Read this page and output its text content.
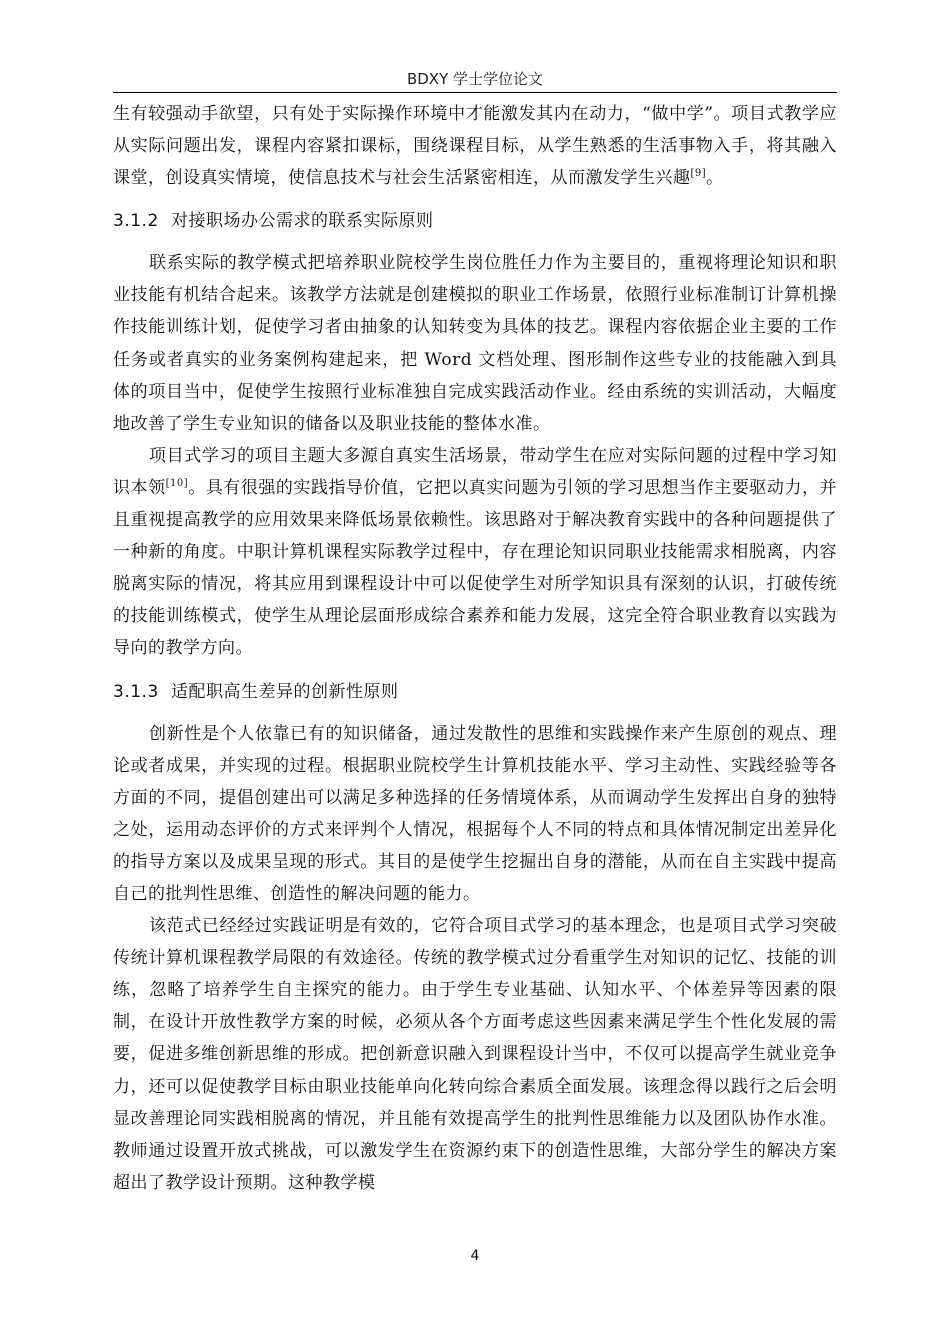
BDXY 学士学位论文

生有较强动手欲望，只有处于实际操作环境中才能激发其内在动力，“做中学”。项目式教学应从实际问题出发，课程内容紧扣课标，围绕课程目标，从学生熟悉的生活事物入手，将其融入课堂，创设真实情境，使信息技术与社会生活紧密相连，从而激发学生兴趣[9]。

3.1.2 对接职场办公需求的联系实际原则

联系实际的教学模式把培养职业院校学生岗位胜任力作为主要目的，重视将理论知识和职业技能有机结合起来。该教学方法就是创建模拟的职业工作场景，依照行业标准制订计算机操作技能训练计划，促使学习者由抽象的认知转变为具体的技艺。课程内容依据企业主要的工作任务或者真实的业务案例构建起来，把 Word 文档处理、图形制作这些专业的技能融入到具体的项目当中，促使学生按照行业标准独自完成实践活动作业。经由系统的实训活动，大幅度地改善了学生专业知识的储备以及职业技能的整体水准。

项目式学习的项目主题大多源自真实生活场景，带动学生在应对实际问题的过程中学习知识本领[10]。具有很强的实践指导价值，它把以真实问题为引领的学习思想当作主要驱动力，并且重视提高教学的应用效果来降低场景依赖性。该思路对于解决教育实践中的各种问题提供了一种新的角度。中职计算机课程实际教学过程中，存在理论知识同职业技能需求相脱离，内容脱离实际的情况，将其应用到课程设计中可以促使学生对所学知识具有深刻的认识，打破传统的技能训练模式，使学生从理论层面形成综合素养和能力发展，这完全符合职业教育以实践为导向的教学方向。

3.1.3 适配职高生差异的创新性原则

创新性是个人依靠已有的知识储备，通过发散性的思维和实践操作来产生原创的观点、理论或者成果，并实现的过程。根据职业院校学生计算机技能水平、学习主动性、实践经验等各方面的不同，提倡创建出可以满足多种选择的任务情境体系，从而调动学生发挥出自身的独特之处，运用动态评价的方式来评判个人情况，根据每个人不同的特点和具体情况制定出差异化的指导方案以及成果呈现的形式。其目的是使学生挖掘出自身的潜能，从而在自主实践中提高自己的批判性思维、创造性的解决问题的能力。

该范式已经经过实践证明是有效的，它符合项目式学习的基本理念，也是项目式学习突破传统计算机课程教学局限的有效途径。传统的教学模式过分看重学生对知识的记忆、技能的训练，忽略了培养学生自主探究的能力。由于学生专业基础、认知水平、个体差异等因素的限制，在设计开放性教学方案的时候，必须从各个方面考虑这些因素来满足学生个性化发展的需要，促进多维创新思维的形成。把创新意识融入到课程设计当中，不仅可以提高学生就业竞争力，还可以促使教学目标由职业技能单向化转向综合素质全面发展。该理念得以践行之后会明显改善理论同实践相脱离的情况，并且能有效提高学生的批判性思维能力以及团队协作水准。教师通过设置开放式挑战，可以激发学生在资源约束下的创造性思维，大部分学生的解决方案超出了教学设计预期。这种教学模

4
